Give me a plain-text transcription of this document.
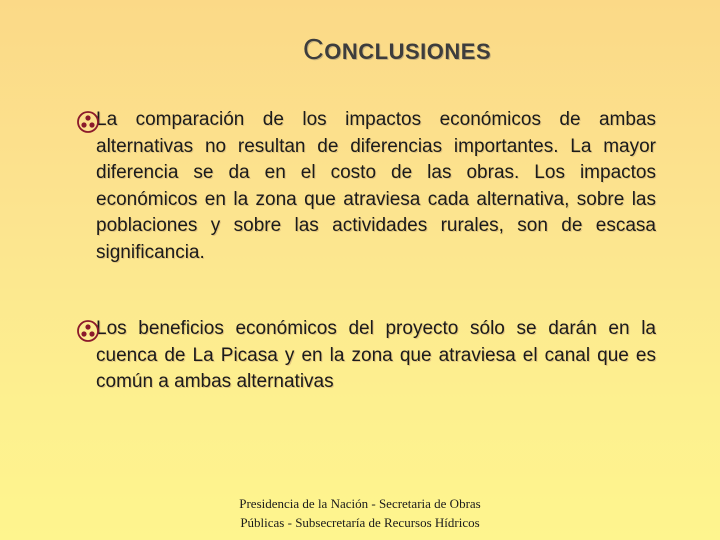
CONCLUSIONES
La comparación de los impactos económicos de ambas alternativas no resultan de diferencias importantes. La mayor diferencia se da en el costo de las obras. Los impactos económicos en la zona que atraviesa cada alternativa, sobre las poblaciones y sobre las actividades rurales, son de escasa significancia.
Los beneficios económicos del proyecto sólo se darán en la cuenca de La Picasa y en la zona que atraviesa el canal que es común a ambas alternativas
Presidencia de la Nación - Secretaria de Obras Públicas - Subsecretaría de Recursos Hídricos
